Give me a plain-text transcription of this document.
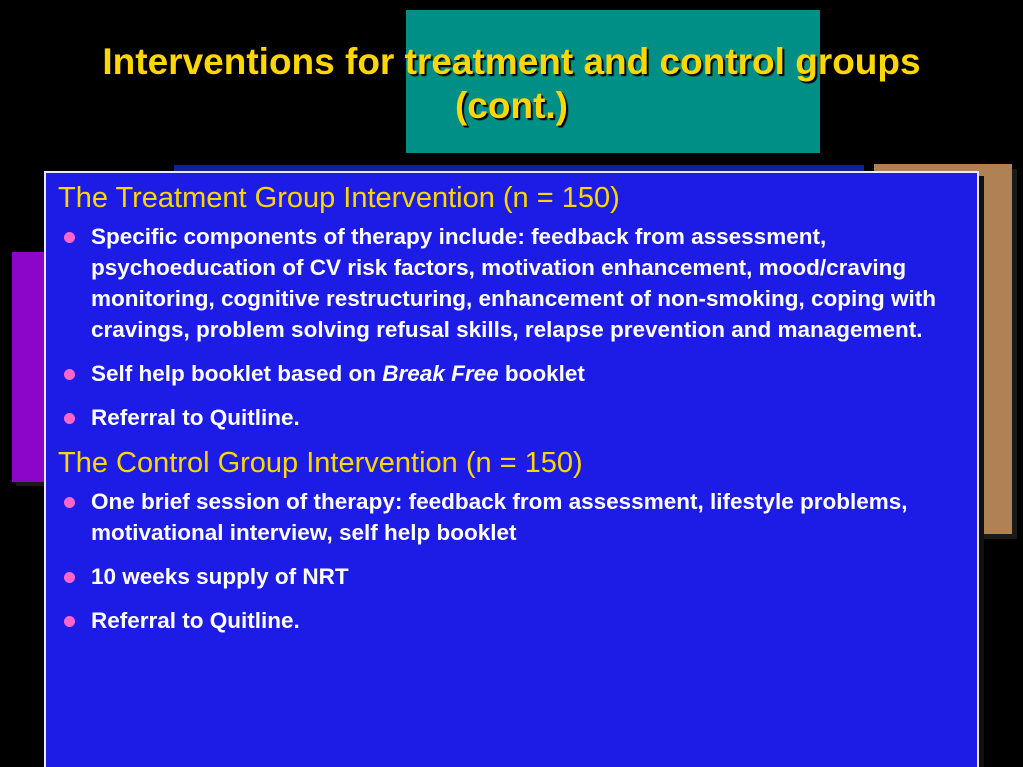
Interventions for treatment and control groups
(cont.)
The Treatment Group Intervention (n = 150)
Specific components of therapy include: feedback from assessment, psychoeducation of CV risk factors, motivation enhancement, mood/craving monitoring, cognitive restructuring, enhancement of non-smoking, coping with cravings, problem solving refusal skills, relapse prevention and management.
Self help booklet based on Break Free booklet
Referral to Quitline.
The Control Group Intervention (n = 150)
One brief session of therapy: feedback from assessment, lifestyle problems, motivational interview, self help booklet
10 weeks supply of NRT
Referral to Quitline.
